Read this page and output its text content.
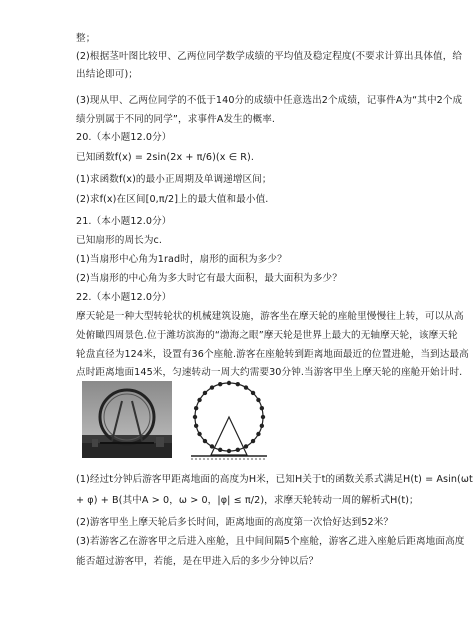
整；
(2)根据茎叶图比较甲、乙两位同学数学成绩的平均值及稳定程度(不要求计算出具体值，给
出结论即可)；
(3)现从甲、乙两位同学的不低于140分的成绩中任意选出2个成绩，记事件A为“其中2个成
绩分别属于不同的同学”，求事件A发生的概率.
20.（本小题12.0分）
已知函数f(x) = 2sin(2x + π/6)(x ∈ R).
(1)求函数f(x)的最小正周期及单调递增区间；
(2)求f(x)在区间[0,π/2]上的最大值和最小值.
21.（本小题12.0分）
已知扇形的周长为c.
(1)当扇形中心角为1rad时，扇形的面积为多少？
(2)当扇形的中心角为多大时它有最大面积，最大面积为多少？
22.（本小题12.0分）
摩天轮是一种大型转轮状的机械建筑设施，游客坐在摩天轮的座舱里慢慢往上转，可以从高
处俯瞰四周景色.位于潍坊滨海的“渤海之眼”摩天轮是世界上最大的无轴摩天轮，该摩天轮
轮盘直径为124米，设置有36个座舱.游客在座舱转到距离地面最近的位置进舱，当到达最高
点时距离地面145米，匀速转动一周大约需要30分钟.当游客甲坐上摩天轮的座舱开始计时.
(1)经过t分钟后游客甲距离地面的高度为H米，已知H关于t的函数关系式满足H(t) = Asin(ωt
+ φ) + B(其中A > 0，ω > 0，|φ| ≤ π/2)，求摩天轮转动一周的解析式H(t)；
(2)游客甲坐上摩天轮后多长时间，距离地面的高度第一次恰好达到52米？
(3)若游客乙在游客甲之后进入座舱，且中间间隔5个座舱，游客乙进入座舱后距离地面高度
能否超过游客甲，若能，是在甲进入后的多少分钟以后？
